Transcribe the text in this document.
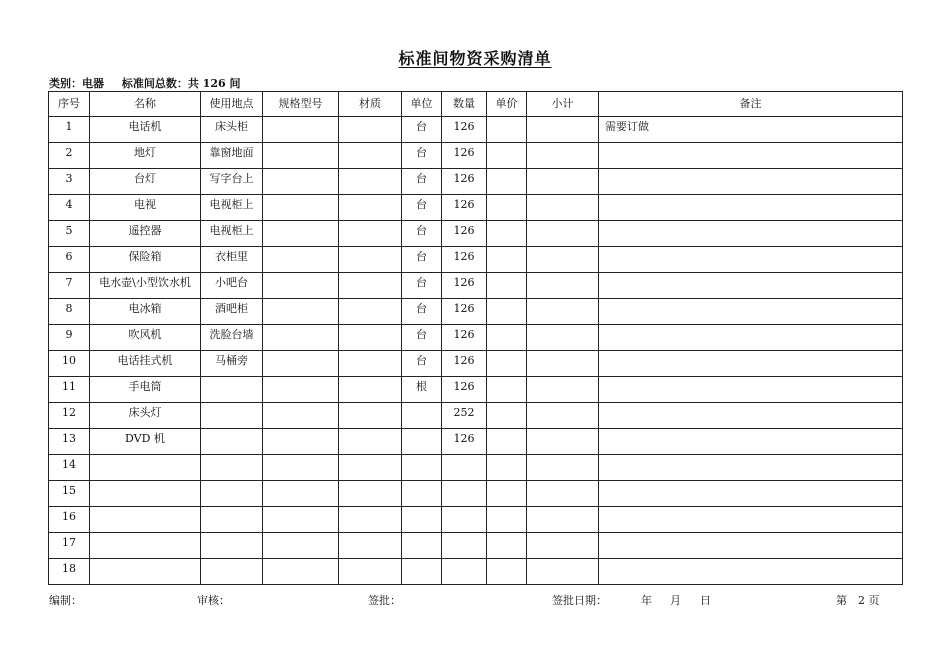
标准间物资采购清单
类别：电器 标准间总数：共 126 间
序号	名称	使用地点	规格型号	材质	单位	数量	单价	小计	备注
1	电话机	床头柜			台	126			需要订做
2	地灯	靠窗地面			台	126			
3	台灯	写字台上			台	126			
4	电视	电视柜上			台	126			
5	遥控器	电视柜上			台	126			
6	保险箱	衣柜里			台	126			
7	电水壶\小型饮水机	小吧台			台	126			
8	电冰箱	酒吧柜			台	126			
9	吹风机	洗脸台墙			台	126			
10	电话挂式机	马桶旁			台	126			
11	手电筒				根	126			
12	床头灯					252			
13	DVD 机					126			
14									
15									
16									
17									
18									
编制：	审核：	签批：	签批日期：	年 月 日	第　2 页
